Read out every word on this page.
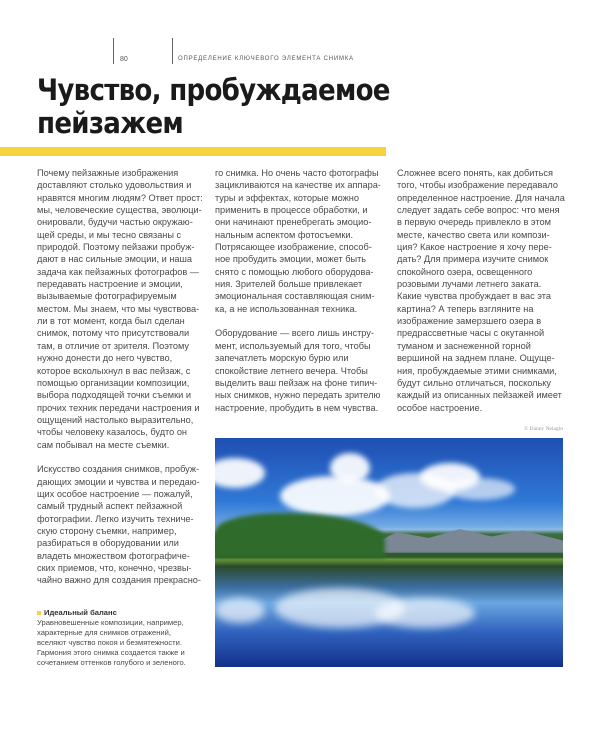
80	ОПРЕДЕЛЕНИЕ КЛЮЧЕВОГО ЭЛЕМЕНТА СНИМКА
Чувство, пробуждаемое
пейзажем
Почему пейзажные изображения
доставляют столько удовольствия и
нравятся многим людям? Ответ прост:
мы, человеческие существа, эволюци-
онировали, будучи частью окружаю-
щей среды, и мы тесно связаны с
природой. Поэтому пейзажи пробуж-
дают в нас сильные эмоции, и наша
задача как пейзажных фотографов —
передавать настроение и эмоции,
вызываемые фотографируемым
местом. Мы знаем, что мы чувствова-
ли в тот момент, когда был сделан
снимок, потому что присутствовали
там, в отличие от зрителя. Поэтому
нужно донести до него чувство,
которое всколыхнул в вас пейзаж, с
помощью организации композиции,
выбора подходящей точки съемки и
прочих техник передачи настроения и
ощущений настолько выразительно,
чтобы человеку казалось, будто он
сам побывал на месте съемки.
Искусство создания снимков, пробуж-
дающих эмоции и чувства и передаю-
щих особое настроение — пожалуй,
самый трудный аспект пейзажной
фотографии. Легко изучить техниче-
скую сторону съемки, например,
разбираться в оборудовании или
владеть множеством фотографиче-
ских приемов, что, конечно, чрезвы-
чайно важно для создания прекрасно-
го снимка. Но очень часто фотографы
зацикливаются на качестве их аппара-
туры и эффектах, которые можно
применить в процессе обработки, и
они начинают пренебрегать эмоцио-
нальным аспектом фотосъемки.
Потрясающее изображение, способ-
ное пробудить эмоции, может быть
снято с помощью любого оборудова-
ния. Зрителей больше привлекает
эмоциональная составляющая сним-
ка, а не использованная техника.
Оборудование — всего лишь инстру-
мент, используемый для того, чтобы
запечатлеть морскую бурю или
спокойствие летнего вечера. Чтобы
выделить ваш пейзаж на фоне типич-
ных снимков, нужно передать зрителю
настроение, пробудить в нем чувства.
Сложнее всего понять, как добиться
того, чтобы изображение передавало
определенное настроение. Для начала
следует задать себе вопрос: что меня
в первую очередь привлекло в этом
месте, качество света или компози-
ция? Какое настроение я хочу пере-
дать? Для примера изучите снимок
спокойного озера, освещенного
розовыми лучами летнего заката.
Какие чувства пробуждает в вас эта
картина? А теперь взгляните на
изображение замерзшего озера в
предрассветные часы с окутанной
туманом и заснеженной горной
вершиной на заднем плане. Ощуще-
ния, пробуждаемые этими снимками,
будут сильно отличаться, поскольку
каждый из описанных пейзажей имеет
особое настроение.
© Danny Nelagin
Идеальный баланс
Уравновешенные композиции, например,
характерные для снимков отражений,
вселяют чувство покоя и безмятежности.
Гармония этого снимка создается также и
сочетанием оттенков голубого и зеленого.
